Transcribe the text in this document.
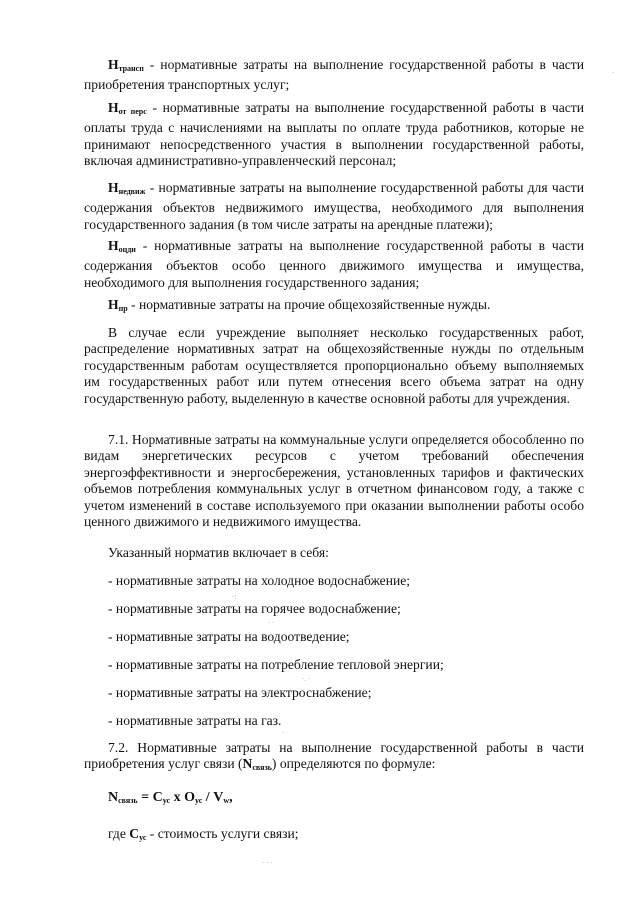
$Н_{трансп}$ - нормативные затраты на выполнение государственной работы в части приобретения транспортных услуг;

$Н_{от перс}$ - нормативные затраты на выполнение государственной работы в части оплаты труда с начислениями на выплаты по оплате труда работников, которые не принимают непосредственного участия в выполнении государственной работы, включая административно-управленческий персонал;

$Н_{недвиж}$ - нормативные затраты на выполнение государственной работы для части содержания объектов недвижимого имущества, необходимого для выполнения государственного задания (в том числе затраты на арендные платежи);

$Н_{оцди}$ - нормативные затраты на выполнение государственной работы в части содержания объектов особо ценного движимого имущества и имущества, необходимого для выполнения государственного задания;

$Н_{пр}$ - нормативные затраты на прочие общехозяйственные нужды.

В случае если учреждение выполняет несколько государственных работ, распределение нормативных затрат на общехозяйственные нужды по отдельным государственным работам осуществляется пропорционально объему выполняемых им государственных работ или путем отнесения всего объема затрат на одну государственную работу, выделенную в качестве основной работы для учреждения.

7.1. Нормативные затраты на коммунальные услуги определяется обособленно по видам энергетических ресурсов с учетом требований обеспечения энергоэффективности и энергосбережения, установленных тарифов и фактических объемов потребления коммунальных услуг в отчетном финансовом году, а также с учетом изменений в составе используемого при оказании выполнении работы особо ценного движимого и недвижимого имущества.

Указанный норматив включает в себя:

- нормативные затраты на холодное водоснабжение;

- нормативные затраты на горячее водоснабжение;

- нормативные затраты на водоотведение;

- нормативные затраты на потребление тепловой энергии;

- нормативные затраты на электроснабжение;

- нормативные затраты на газ.

7.2. Нормативные затраты на выполнение государственной работы в части приобретения услуг связи $(N_{связь})$ определяются по формуле:

$N_{связь} = C_{ус}$ х $O_{ус} / V_w$,

где $C_{ус}$ - стоимость услуги связи;

·:
· ·
·. ·
·
· · ·
·
